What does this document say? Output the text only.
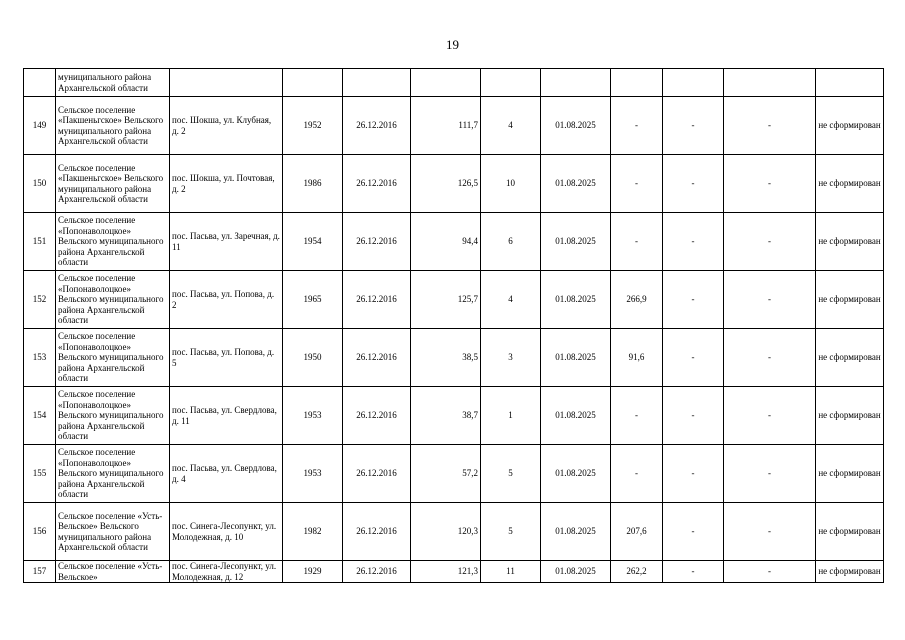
19
	муниципального района Архангельской области										
149	Сельское поселение «Пакшеньгское» Вельского муниципального района Архангельской области	пос. Шокша, ул. Клубная, д. 2	1952	26.12.2016	111,7	4	01.08.2025	-	-	-	не сформирован
150	Сельское поселение «Пакшеньгское» Вельского муниципального района Архангельской области	пос. Шокша, ул. Почтовая, д. 2	1986	26.12.2016	126,5	10	01.08.2025	-	-	-	не сформирован
151	Сельское поселение «Попонаволоцкое» Вельского муниципального района Архангельской области	пос. Пасьва, ул. Заречная, д. 11	1954	26.12.2016	94,4	6	01.08.2025	-	-	-	не сформирован
152	Сельское поселение «Попонаволоцкое» Вельского муниципального района Архангельской области	пос. Пасьва, ул. Попова, д. 2	1965	26.12.2016	125,7	4	01.08.2025	266,9	-	-	не сформирован
153	Сельское поселение «Попонаволоцкое» Вельского муниципального района Архангельской области	пос. Пасьва, ул. Попова, д. 5	1950	26.12.2016	38,5	3	01.08.2025	91,6	-	-	не сформирован
154	Сельское поселение «Попонаволоцкое» Вельского муниципального района Архангельской области	пос. Пасьва, ул. Свердлова, д. 11	1953	26.12.2016	38,7	1	01.08.2025	-	-	-	не сформирован
155	Сельское поселение «Попонаволоцкое» Вельского муниципального района Архангельской области	пос. Пасьва, ул. Свердлова, д. 4	1953	26.12.2016	57,2	5	01.08.2025	-	-	-	не сформирован
156	Сельское поселение «Усть-Вельское» Вельского муниципального района Архангельской области	пос. Синега-Лесопункт, ул. Молодежная, д. 10	1982	26.12.2016	120,3	5	01.08.2025	207,6	-	-	не сформирован
157	Сельское поселение «Усть-Вельское»	пос. Синега-Лесопункт, ул. Молодежная, д. 12	1929	26.12.2016	121,3	11	01.08.2025	262,2	-	-	не сформирован
